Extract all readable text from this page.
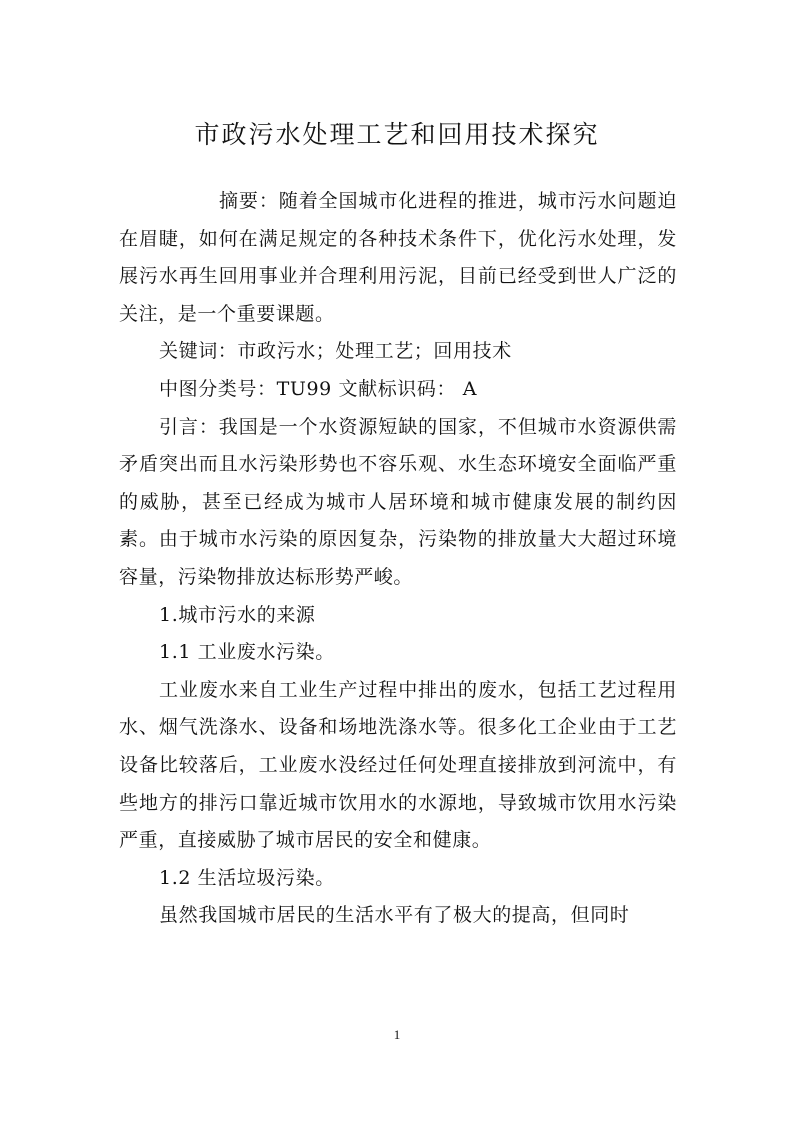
市政污水处理工艺和回用技术探究

摘要：随着全国城市化进程的推进，城市污水问题迫在眉睫，如何在满足规定的各种技术条件下，优化污水处理，发展污水再生回用事业并合理利用污泥，目前已经受到世人广泛的关注，是一个重要课题。

关键词：市政污水；处理工艺；回用技术

中图分类号：TU99 文献标识码： A

引言：我国是一个水资源短缺的国家，不但城市水资源供需矛盾突出而且水污染形势也不容乐观、水生态环境安全面临严重的威胁，甚至已经成为城市人居环境和城市健康发展的制约因素。由于城市水污染的原因复杂，污染物的排放量大大超过环境容量，污染物排放达标形势严峻。

1.城市污水的来源

1.1 工业废水污染。

工业废水来自工业生产过程中排出的废水，包括工艺过程用水、烟气洗涤水、设备和场地洗涤水等。很多化工企业由于工艺设备比较落后，工业废水没经过任何处理直接排放到河流中，有些地方的排污口靠近城市饮用水的水源地，导致城市饮用水污染严重，直接威胁了城市居民的安全和健康。

1.2 生活垃圾污染。

虽然我国城市居民的生活水平有了极大的提高，但同时

1
